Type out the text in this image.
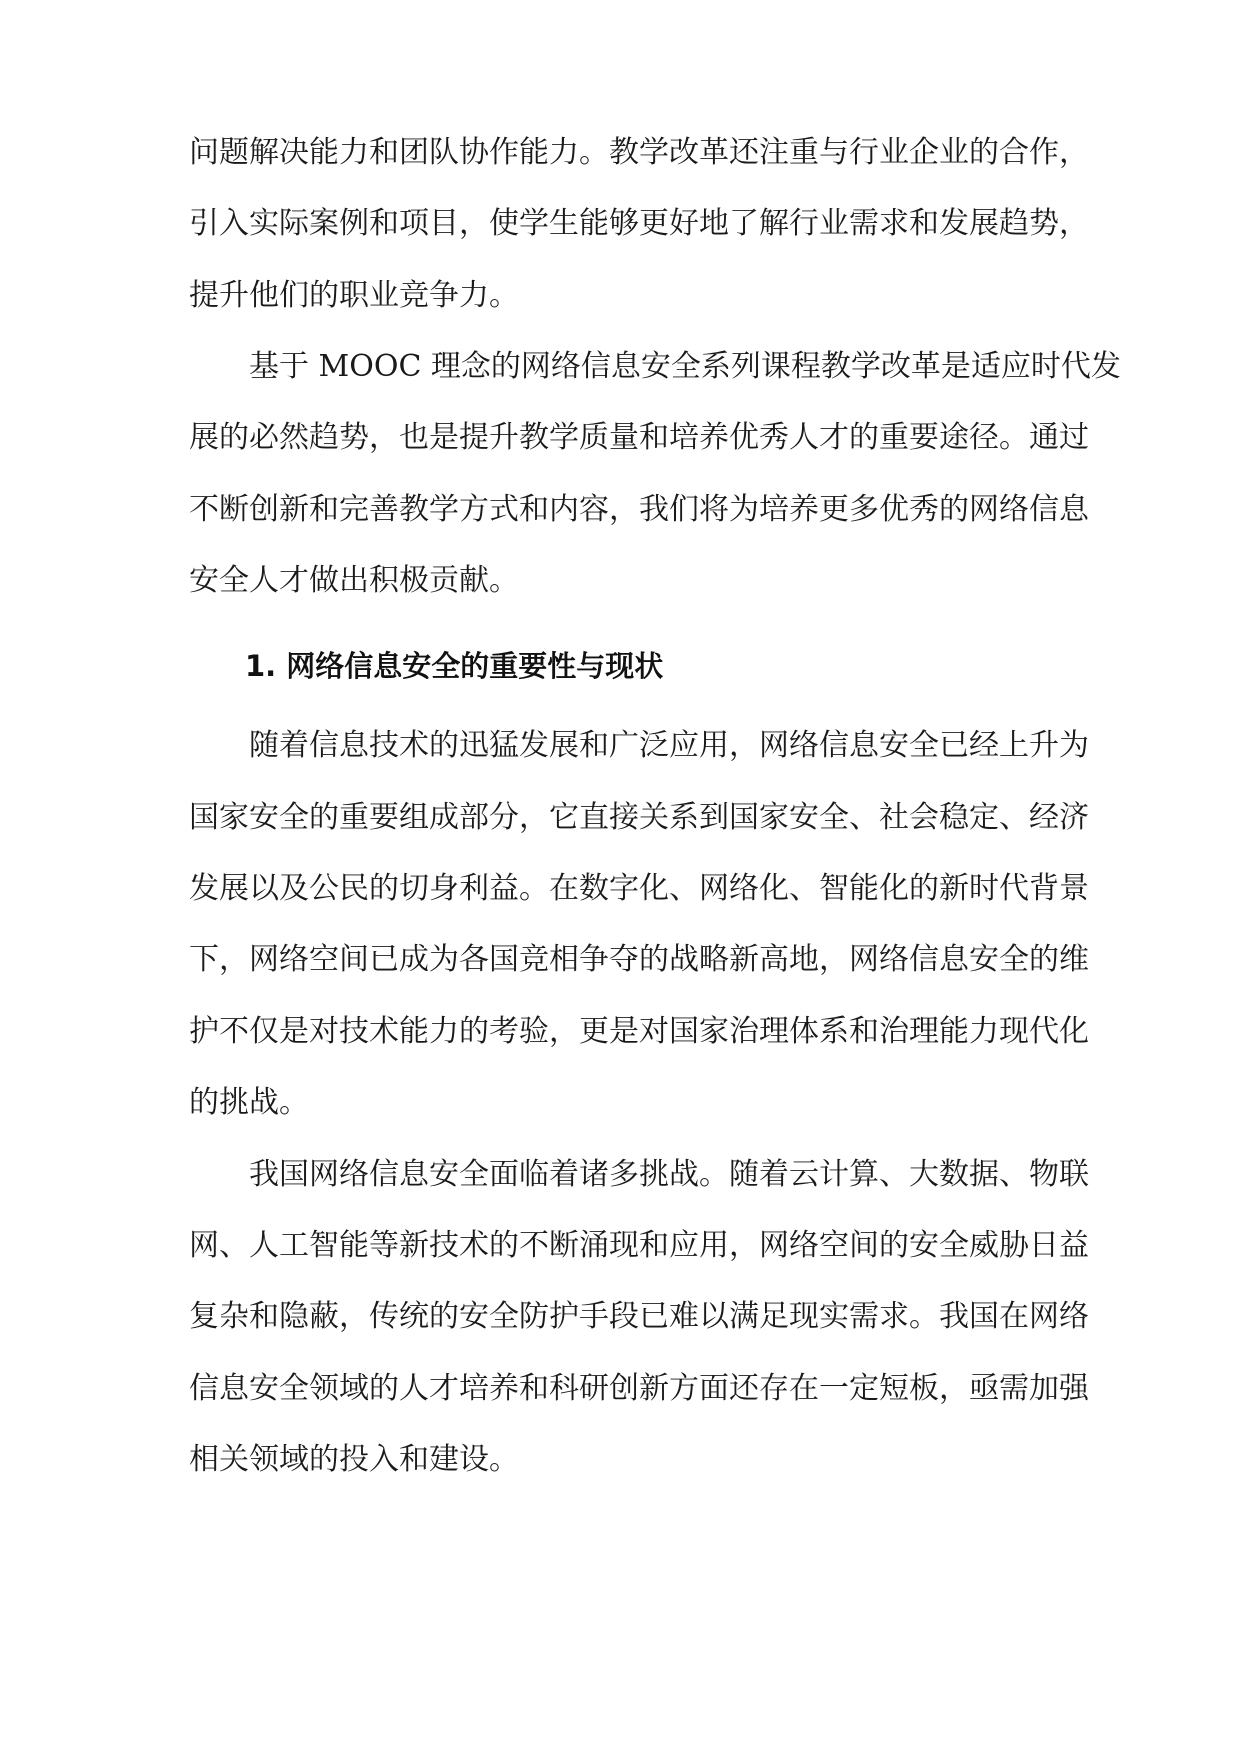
问题解决能力和团队协作能力。教学改革还注重与行业企业的合作，
引入实际案例和项目，使学生能够更好地了解行业需求和发展趋势，
提升他们的职业竞争力。
基于 MOOC 理念的网络信息安全系列课程教学改革是适应时代发
展的必然趋势，也是提升教学质量和培养优秀人才的重要途径。通过
不断创新和完善教学方式和内容，我们将为培养更多优秀的网络信息
安全人才做出积极贡献。
1. 网络信息安全的重要性与现状
随着信息技术的迅猛发展和广泛应用，网络信息安全已经上升为
国家安全的重要组成部分，它直接关系到国家安全、社会稳定、经济
发展以及公民的切身利益。在数字化、网络化、智能化的新时代背景
下，网络空间已成为各国竞相争夺的战略新高地，网络信息安全的维
护不仅是对技术能力的考验，更是对国家治理体系和治理能力现代化
的挑战。
我国网络信息安全面临着诸多挑战。随着云计算、大数据、物联
网、人工智能等新技术的不断涌现和应用，网络空间的安全威胁日益
复杂和隐蔽，传统的安全防护手段已难以满足现实需求。我国在网络
信息安全领域的人才培养和科研创新方面还存在一定短板，亟需加强
相关领域的投入和建设。
